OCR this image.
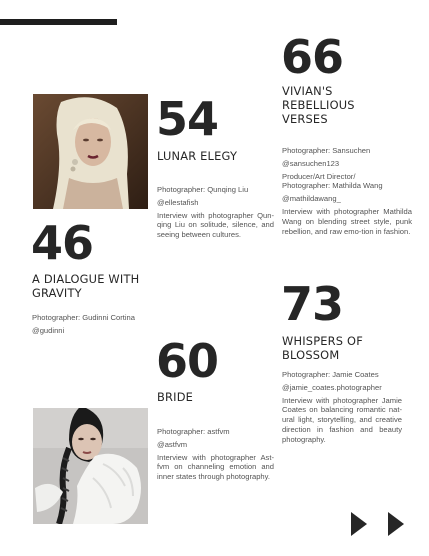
66
VIVIAN'S
REBELLIOUS
VERSES
Photographer: Sansuchen
@sansuchen123
Producer/Art Director/
Photographer: Mathilda Wang
@mathildawang_
Interview with photographer Mathilda Wang on blending street style, punk rebellion, and raw emo-tion in fashion.
54
LUNAR ELEGY
Photographer: Qunqing Liu
@ellestafish
Interview with photographer Qun-qing Liu on solitude, silence, and seeing between cultures.
46
A DIALOGUE WITH
GRAVITY
Photographer: Gudinni Cortina
@gudinni	73
WHISPERS OF
BLOSSOM
Photographer: Jamie Coates
@jamie_coates.photographer
Interview with photographer Jamie Coates on balancing romantic nat-ural light, storytelling, and creative direction in fashion and beauty photography.
60
BRIDE
Photographer: astfvm
@astfvm
Interview with photographer Ast-fvm on channeling emotion and inner states through photography.
